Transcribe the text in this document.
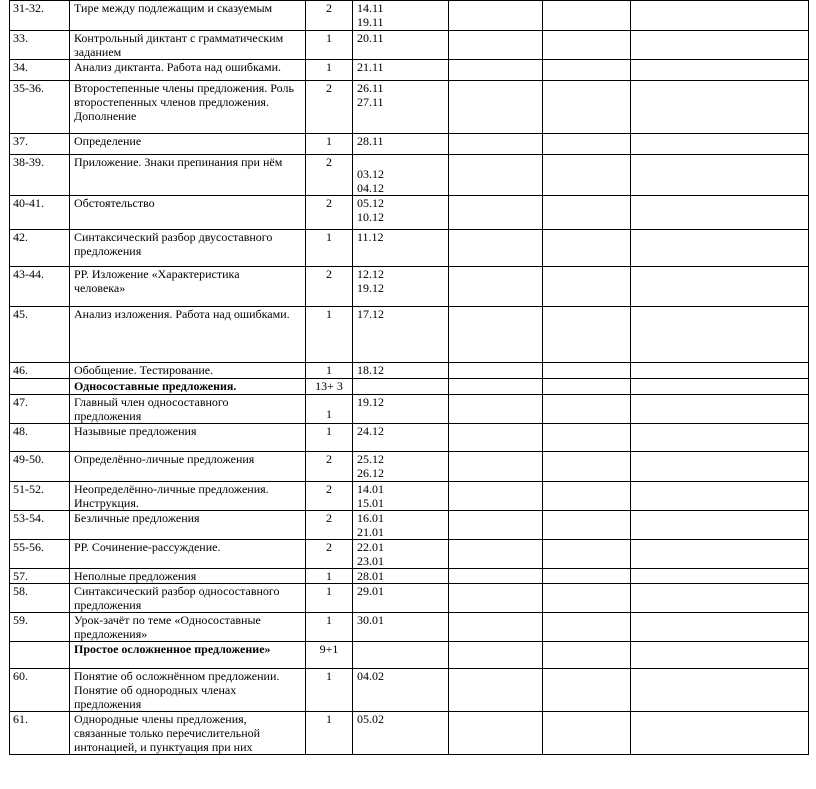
31-32.	Тире между подлежащим и сказуемым	2	14.11
19.11			

33.	Контрольный диктант с грамматическим
заданием	1	20.11			

34.	Анализ диктанта. Работа над ошибками.	1	21.11			

35-36.	Второстепенные члены предложения. Роль
второстепенных членов предложения.
Дополнение	2	26.11
27.11			

37.	Определение	1	28.11			

38-39.	Приложение. Знаки препинания при нём	2	03.12
04.12			

40-41.	Обстоятельство	2	05.12
10.12			

42.	Синтаксический разбор двусоставного
предложения	1	11.12			

43-44.	РР. Изложение «Характеристика
человека»	2	12.12
19.12			

45.	Анализ изложения. Работа над ошибками.	1	17.12			

46.	Обобщение. Тестирование.	1	18.12			

	Односоставные предложения.	13+ 3				
47.	Главный член односоставного
предложения	1	19.12			

48.	Назывные предложения	1	24.12			

49-50.	Определённо-личные предложения	2	25.12
26.12			

51-52.	Неопределённо-личные предложения.
Инструкция.	2	14.01
15.01			

53-54.	Безличные предложения	2	16.01
21.01			

55-56.	РР. Сочинение-рассуждение.	2	22.01
23.01			

57.	Неполные предложения	1	28.01			

58.	Синтаксический разбор односоставного
предложения	1	29.01			

59.	Урок-зачёт по теме «Односоставные
предложения»	1	30.01			

	Простое осложненное предложение»	9+1				
60.	Понятие об осложнённом предложении.
Понятие об однородных членах
предложения	1	04.02			

61.	Однородные члены предложения,
связанные только перечислительной
интонацией, и пунктуация при них	1	05.02			
